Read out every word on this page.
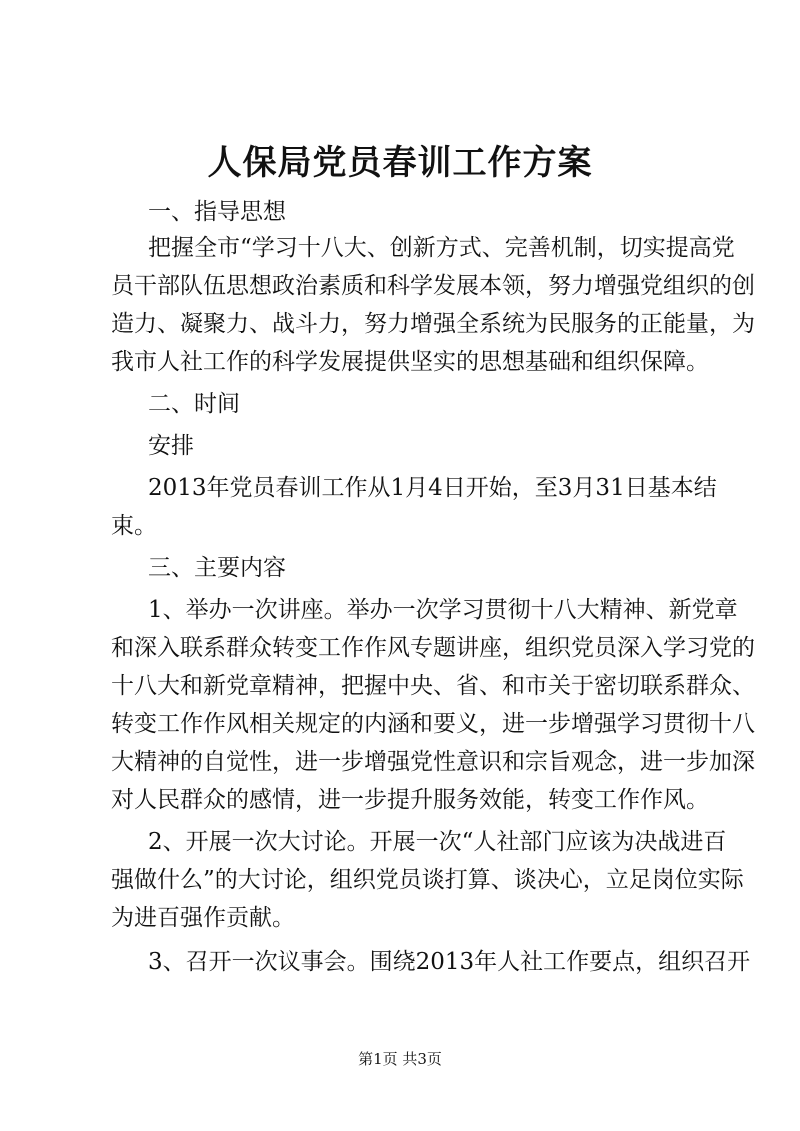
人保局党员春训工作方案
一、指导思想
把握全市“学习十八大、创新方式、完善机制，切实提高党
员干部队伍思想政治素质和科学发展本领，努力增强党组织的创
造力、凝聚力、战斗力，努力增强全系统为民服务的正能量，为
我市人社工作的科学发展提供坚实的思想基础和组织保障。
二、时间
安排
2013年党员春训工作从1月4日开始，至3月31日基本结
束。
三、主要内容
1、举办一次讲座。举办一次学习贯彻十八大精神、新党章
和深入联系群众转变工作作风专题讲座，组织党员深入学习党的
十八大和新党章精神，把握中央、省、和市关于密切联系群众、
转变工作作风相关规定的内涵和要义，进一步增强学习贯彻十八
大精神的自觉性，进一步增强党性意识和宗旨观念，进一步加深
对人民群众的感情，进一步提升服务效能，转变工作作风。
2、开展一次大讨论。开展一次“人社部门应该为决战进百
强做什么”的大讨论，组织党员谈打算、谈决心，立足岗位实际
为进百强作贡献。
3、召开一次议事会。围绕2013年人社工作要点，组织召开
第1页 共3页
